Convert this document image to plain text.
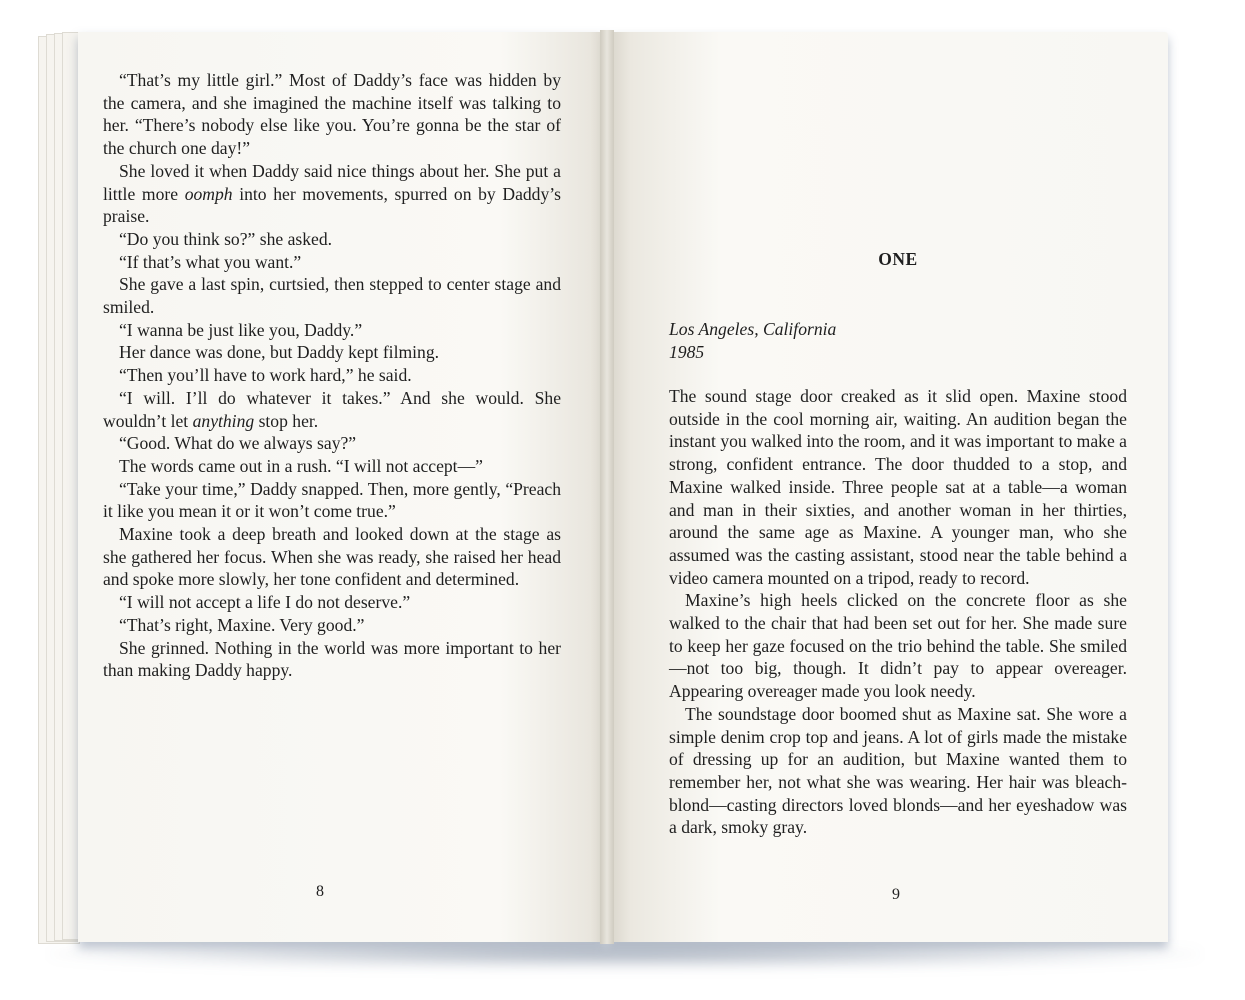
“That’s my little girl.” Most of Daddy’s face was hidden by the camera, and she imagined the machine itself was talking to her. “There’s nobody else like you. You’re gonna be the star of the church one day!”

She loved it when Daddy said nice things about her. She put a little more oomph into her movements, spurred on by Daddy’s praise.

“Do you think so?” she asked.

“If that’s what you want.”

She gave a last spin, curtsied, then stepped to center stage and smiled.

“I wanna be just like you, Daddy.”

Her dance was done, but Daddy kept filming.

“Then you’ll have to work hard,” he said.

“I will. I’ll do whatever it takes.” And she would. She wouldn’t let anything stop her.

“Good. What do we always say?”

The words came out in a rush. “I will not accept—”

“Take your time,” Daddy snapped. Then, more gently, “Preach it like you mean it or it won’t come true.”

Maxine took a deep breath and looked down at the stage as she gathered her focus. When she was ready, she raised her head and spoke more slowly, her tone confident and determined.

“I will not accept a life I do not deserve.”

“That’s right, Maxine. Very good.”

She grinned. Nothing in the world was more important to her than making Daddy happy.

8
ONE
Los Angeles, California
1985

The sound stage door creaked as it slid open. Maxine stood outside in the cool morning air, waiting. An audition began the instant you walked into the room, and it was important to make a strong, confident entrance. The door thudded to a stop, and Maxine walked inside. Three people sat at a table—a woman and man in their sixties, and another woman in her thirties, around the same age as Maxine. A younger man, who she assumed was the casting assistant, stood near the table behind a video camera mounted on a tripod, ready to record.

Maxine’s high heels clicked on the concrete floor as she walked to the chair that had been set out for her. She made sure to keep her gaze focused on the trio behind the table. She smiled—not too big, though. It didn’t pay to appear overeager. Appearing overeager made you look needy.

The soundstage door boomed shut as Maxine sat. She wore a simple denim crop top and jeans. A lot of girls made the mistake of dressing up for an audition, but Maxine wanted them to remember her, not what she was wearing. Her hair was bleach-blond—casting directors loved blonds—and her eyeshadow was a dark, smoky gray.

9
